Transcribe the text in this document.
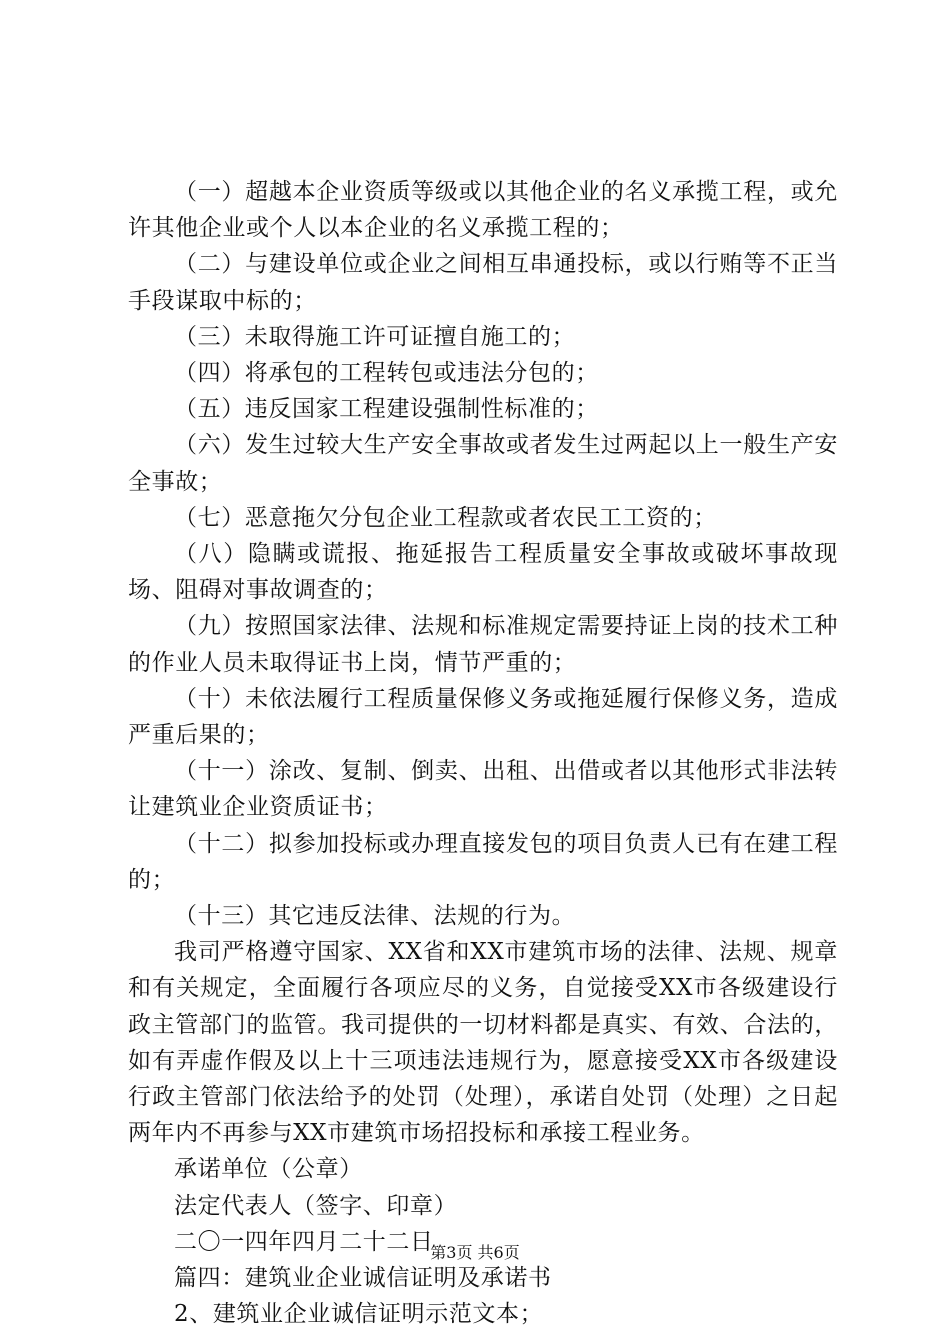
（一）超越本企业资质等级或以其他企业的名义承揽工程，或允许其他企业或个人以本企业的名义承揽工程的；

（二）与建设单位或企业之间相互串通投标，或以行贿等不正当手段谋取中标的；

（三）未取得施工许可证擅自施工的；

（四）将承包的工程转包或违法分包的；

（五）违反国家工程建设强制性标准的；

（六）发生过较大生产安全事故或者发生过两起以上一般生产安全事故；

（七）恶意拖欠分包企业工程款或者农民工工资的；

（八）隐瞒或谎报、拖延报告工程质量安全事故或破坏事故现场、阻碍对事故调查的；

（九）按照国家法律、法规和标准规定需要持证上岗的技术工种的作业人员未取得证书上岗，情节严重的；

（十）未依法履行工程质量保修义务或拖延履行保修义务，造成严重后果的；

（十一）涂改、复制、倒卖、出租、出借或者以其他形式非法转让建筑业企业资质证书；

（十二）拟参加投标或办理直接发包的项目负责人已有在建工程的；

（十三）其它违反法律、法规的行为。

我司严格遵守国家、XX省和XX市建筑市场的法律、法规、规章和有关规定，全面履行各项应尽的义务，自觉接受XX市各级建设行政主管部门的监管。我司提供的一切材料都是真实、有效、合法的，如有弄虚作假及以上十三项违法违规行为，愿意接受XX市各级建设行政主管部门依法给予的处罚（处理），承诺自处罚（处理）之日起两年内不再参与XX市建筑市场招投标和承接工程业务。

承诺单位（公章）

法定代表人（签字、印章）

二〇一四年四月二十二日

篇四：建筑业企业诚信证明及承诺书

2、建筑业企业诚信证明示范文本；

第3页 共6页
